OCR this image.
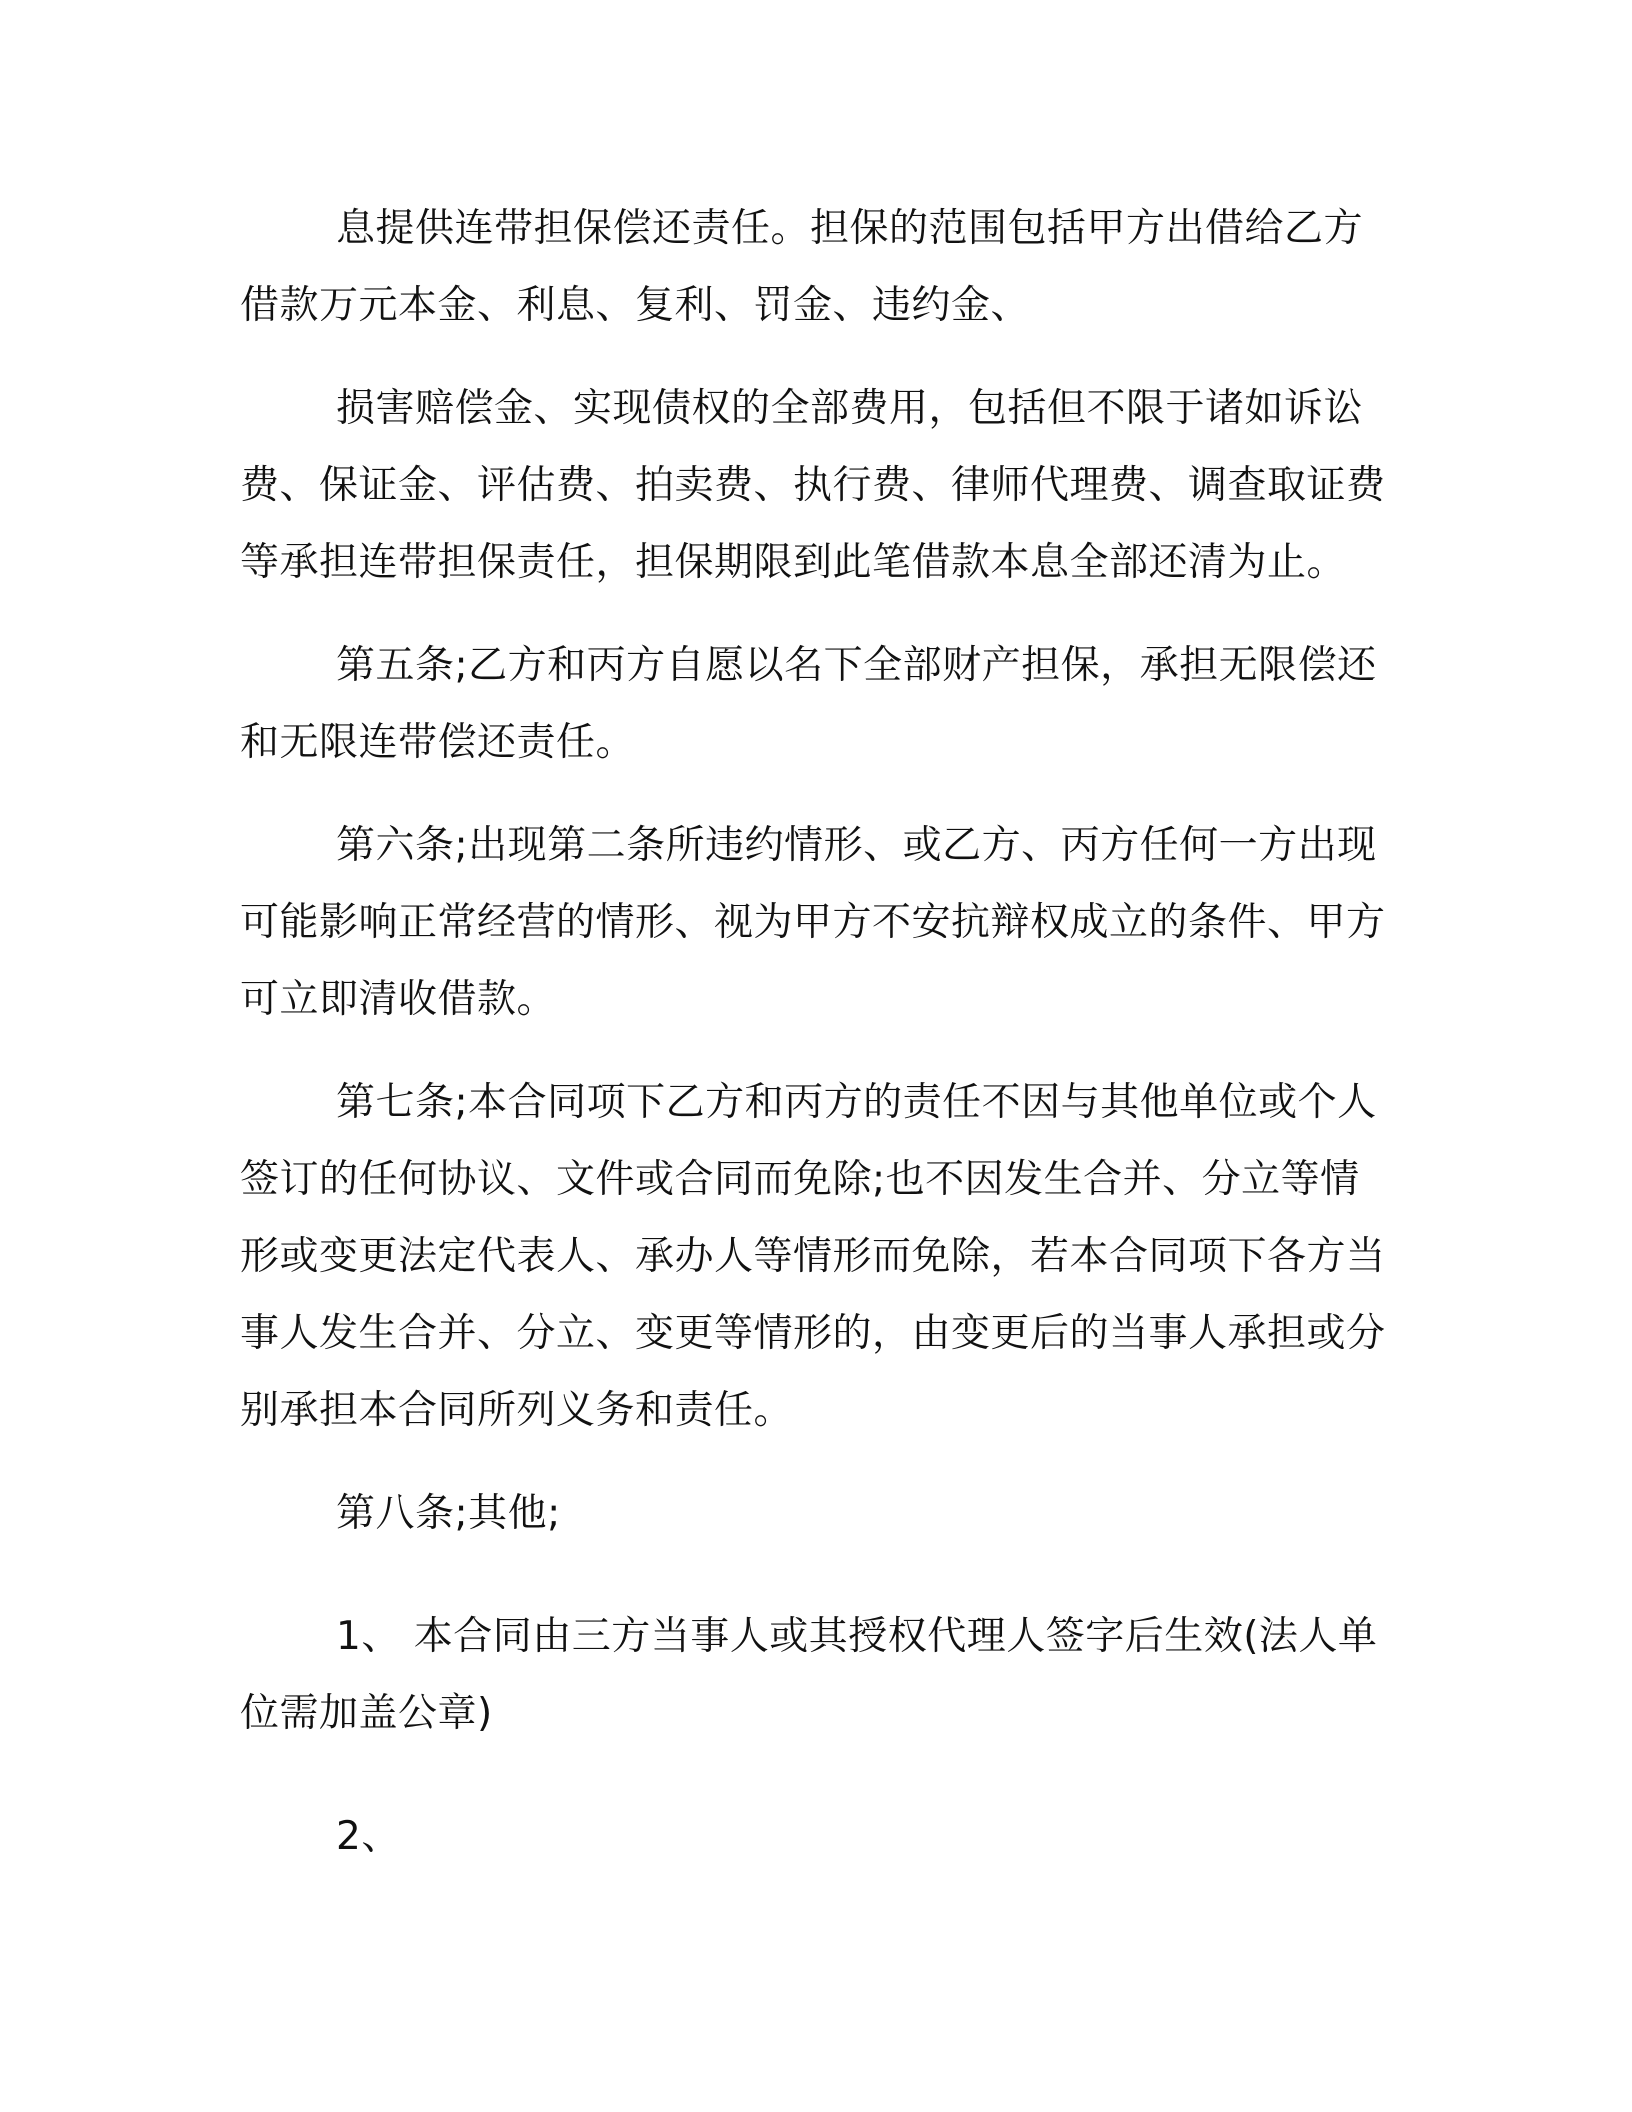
息提供连带担保偿还责任。担保的范围包括甲方出借给乙方借款万元本金、利息、复利、罚金、违约金、

损害赔偿金、实现债权的全部费用，包括但不限于诸如诉讼费、保证金、评估费、拍卖费、执行费、律师代理费、调查取证费等承担连带担保责任，担保期限到此笔借款本息全部还清为止。

第五条;乙方和丙方自愿以名下全部财产担保，承担无限偿还和无限连带偿还责任。

第六条;出现第二条所违约情形、或乙方、丙方任何一方出现可能影响正常经营的情形、视为甲方不安抗辩权成立的条件、甲方可立即清收借款。

第七条;本合同项下乙方和丙方的责任不因与其他单位或个人签订的任何协议、文件或合同而免除;也不因发生合并、分立等情形或变更法定代表人、承办人等情形而免除，若本合同项下各方当事人发生合并、分立、变更等情形的，由变更后的当事人承担或分别承担本合同所列义务和责任。

第八条;其他;

1、 本合同由三方当事人或其授权代理人签字后生效(法人单位需加盖公章)

2、
